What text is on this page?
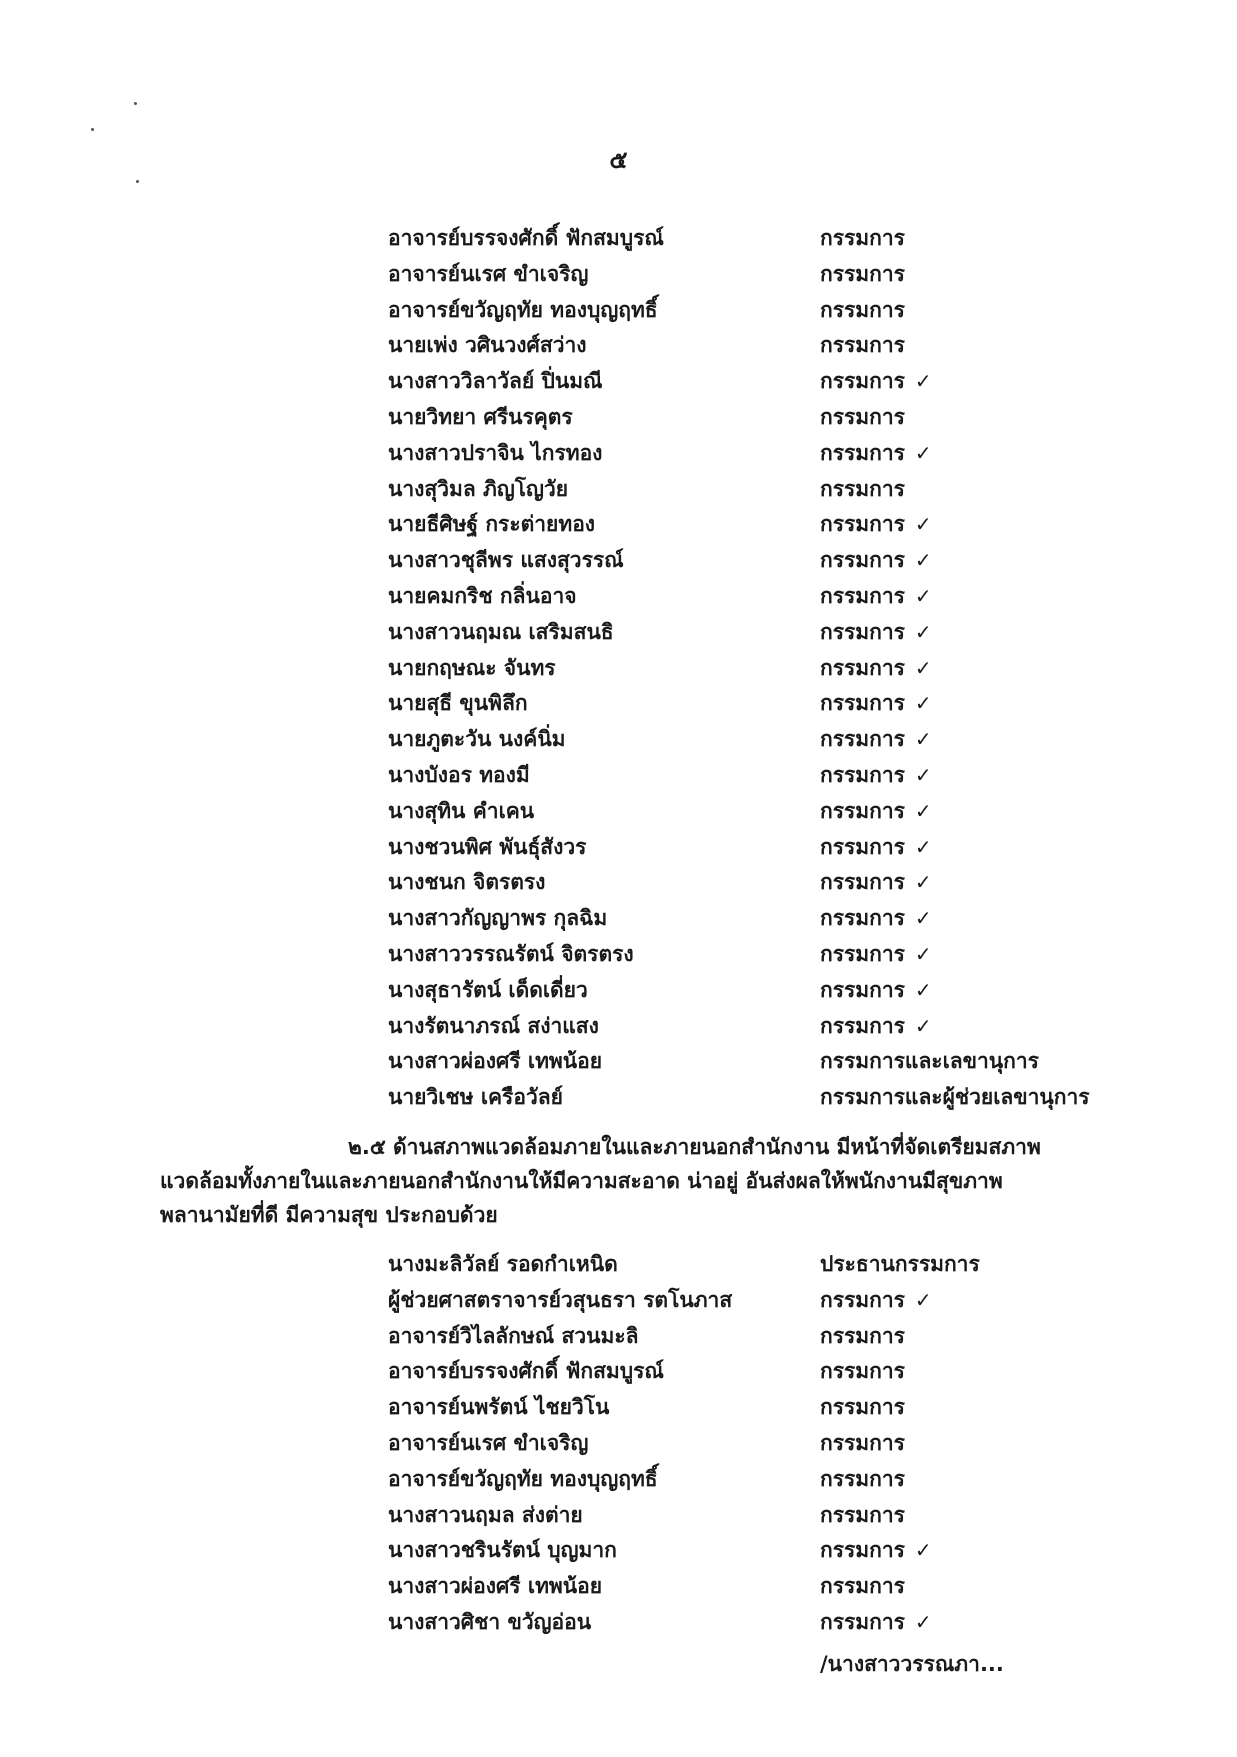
๕
อาจารย์บรรจงศักดิ์ ฟักสมบูรณ์	กรรมการ
อาจารย์นเรศ ขำเจริญ	กรรมการ
อาจารย์ขวัญฤทัย ทองบุญฤทธิ์	กรรมการ
นายเพ่ง วศินวงศ์สว่าง	กรรมการ
นางสาววิลาวัลย์ ปิ่นมณี	กรรมการ ✓
นายวิทยา ศรีนรคุตร	กรรมการ
นางสาวปราจิน ไกรทอง	กรรมการ ✓
นางสุวิมล ภิญโญวัย	กรรมการ
นายธีศิษฐ์ กระต่ายทอง	กรรมการ ✓
นางสาวชุลีพร แสงสุวรรณ์	กรรมการ ✓
นายคมกริช กลิ่นอาจ	กรรมการ ✓
นางสาวนฤมณ เสริมสนธิ	กรรมการ ✓
นายกฤษณะ จันทร	กรรมการ ✓
นายสุธี ขุนพิลึก	กรรมการ ✓
นายภูตะวัน นงค์นิ่ม	กรรมการ ✓
นางบังอร ทองมี	กรรมการ ✓
นางสุทิน คำเคน	กรรมการ ✓
นางชวนพิศ พันธุ์สังวร	กรรมการ ✓
นางชนก จิตรตรง	กรรมการ ✓
นางสาวกัญญาพร กุลฉิม	กรรมการ ✓
นางสาววรรณรัตน์ จิตรตรง	กรรมการ ✓
นางสุธารัตน์ เด็ดเดี่ยว	กรรมการ ✓
นางรัตนาภรณ์ สง่าแสง	กรรมการ ✓
นางสาวผ่องศรี เทพน้อย	กรรมการและเลขานุการ
นายวิเชษ เครือวัลย์	กรรมการและผู้ช่วยเลขานุการ
๒.๕ ด้านสภาพแวดล้อมภายในและภายนอกสำนักงาน มีหน้าที่จัดเตรียมสภาพแวดล้อมทั้งภายในและภายนอกสำนักงานให้มีความสะอาด น่าอยู่ อันส่งผลให้พนักงานมีสุขภาพ พลานามัยที่ดี มีความสุข ประกอบด้วย
นางมะลิวัลย์ รอดกำเหนิด	ประธานกรรมการ
ผู้ช่วยศาสตราจารย์วสุนธรา รตโนภาส	กรรมการ ✓
อาจารย์วิไลลักษณ์ สวนมะลิ	กรรมการ
อาจารย์บรรจงศักดิ์ ฟักสมบูรณ์	กรรมการ
อาจารย์นพรัตน์ ไชยวิโน	กรรมการ
อาจารย์นเรศ ขำเจริญ	กรรมการ
อาจารย์ขวัญฤทัย ทองบุญฤทธิ์	กรรมการ
นางสาวนฤมล ส่งต่าย	กรรมการ
นางสาวชรินรัตน์ บุญมาก	กรรมการ ✓
นางสาวผ่องศรี เทพน้อย	กรรมการ
นางสาวศิชา ขวัญอ่อน	กรรมการ ✓
/นางสาววรรณภา...
